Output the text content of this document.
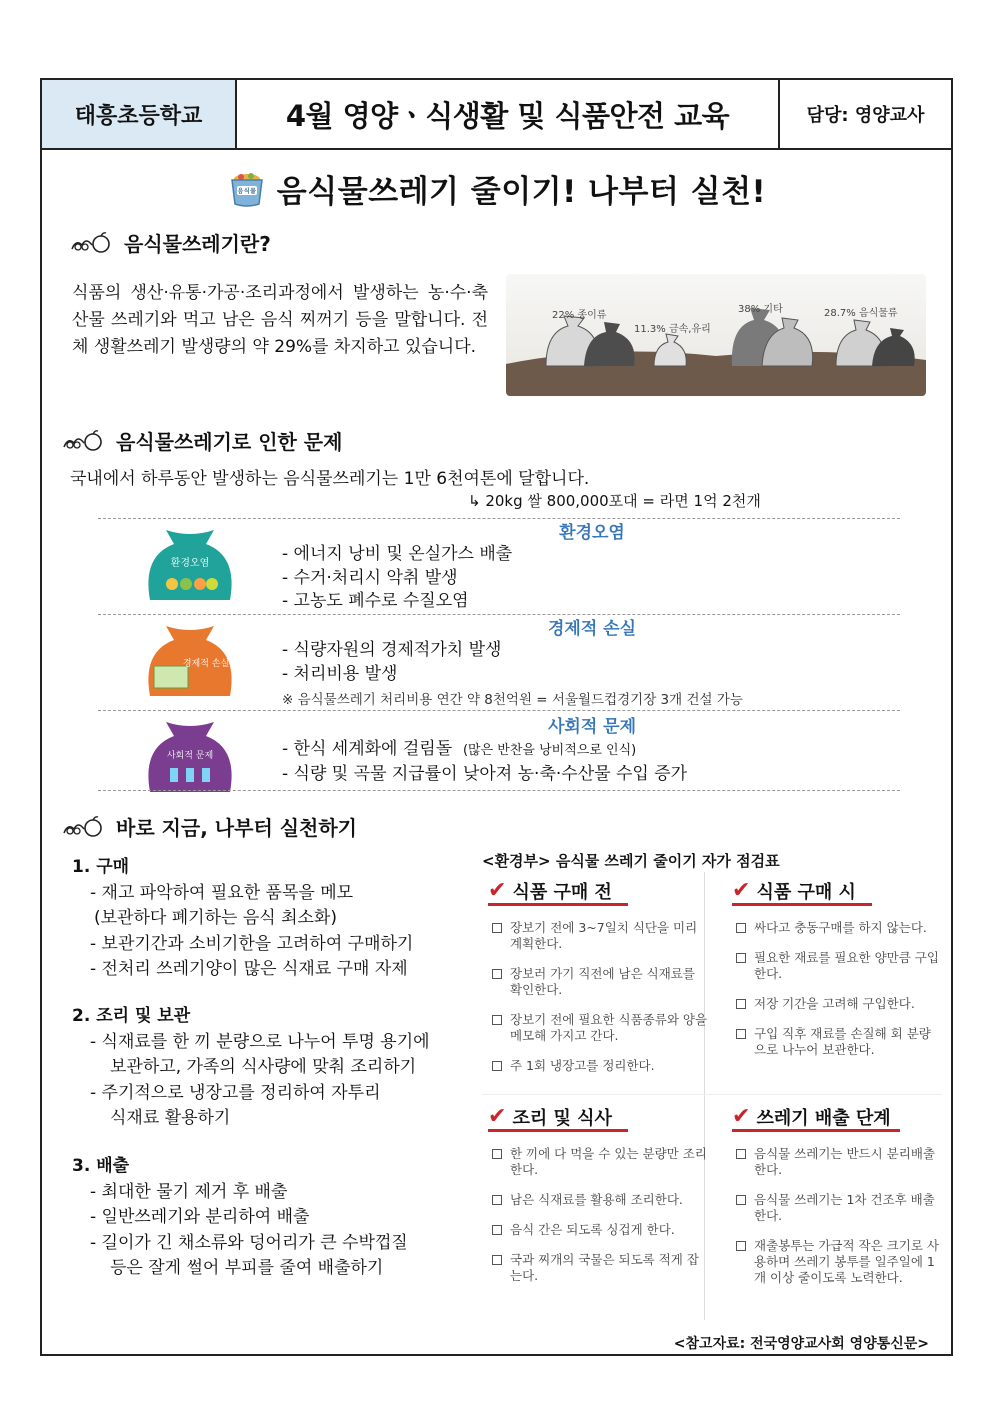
태흥초등학교	4월 영양ㆍ식생활 및 식품안전 교육	담당: 영양교사
음식물 음식물쓰레기 줄이기! 나부터 실천!
음식물쓰레기란?

식품의 생산·유통·가공·조리과정에서 발생하는 농·수·축산물 쓰레기와 먹고 남은 음식 찌꺼기 등을 말합니다. 전체 생활쓰레기 발생량의 약 29%를 차지하고 있습니다.

22% 종이류
11.3% 금속,유리
38% 기타	28.7% 음식물류
음식물쓰레기로 인한 문제
국내에서 하루동안 발생하는 음식물쓰레기는 1만 6천여톤에 달합니다.
↳ 20kg 쌀 800,000포대 = 라면 1억 2천개
환경오염
환경오염	- 에너지 낭비 및 온실가스 배출
- 수거·처리시 악취 발생
- 고농도 폐수로 수질오염
경제적 손실
경제적 손실
- 식량자원의 경제적가치 발생
- 처리비용 발생
※ 음식물쓰레기 처리비용 연간 약 8천억원 = 서울월드컵경기장 3개 건설 가능
사회적 문제
사회적 문제	- 한식 세계화에 걸림돌 (많은 반찬을 낭비적으로 인식)
- 식량 및 곡물 지급률이 낮아져 농·축·수산물 수입 증가
바로 지금, 나부터 실천하기
1. 구매
- 재고 파악하여 필요한 품목을 메모
(보관하다 폐기하는 음식 최소화)
- 보관기간과 소비기한을 고려하여 구매하기
- 전처리 쓰레기양이 많은 식재료 구매 자제
2. 조리 및 보관
- 식재료를 한 끼 분량으로 나누어 투명 용기에
보관하고, 가족의 식사량에 맞춰 조리하기
- 주기적으로 냉장고를 정리하여 자투리
식재료 활용하기
3. 배출
- 최대한 물기 제거 후 배출
- 일반쓰레기와 분리하여 배출
- 길이가 긴 채소류와 덩어리가 큰 수박껍질
등은 잘게 썰어 부피를 줄여 배출하기
<환경부> 음식물 쓰레기 줄이기 자가 점검표
✔ 식품 구매 전
장보기 전에 3~7일치 식단을 미리 계획한다.
장보러 가기 직전에 남은 식재료를 확인한다.
장보기 전에 필요한 식품종류와 양을 메모해 가지고 간다.
주 1회 냉장고를 정리한다.
✔ 식품 구매 시
싸다고 충동구매를 하지 않는다.
필요한 재료를 필요한 양만큼 구입한다.
저장 기간을 고려해 구입한다.
구입 직후 재료를 손질해 회 분량으로 나누어 보관한다.
✔ 조리 및 식사
한 끼에 다 먹을 수 있는 분량만 조리한다.
남은 식재료를 활용해 조리한다.
음식 간은 되도록 싱겁게 한다.
국과 찌개의 국물은 되도록 적게 잡는다.
✔ 쓰레기 배출 단계
음식물 쓰레기는 반드시 분리배출 한다.
음식물 쓰레기는 1차 건조후 배출한다.
재출봉투는 가급적 작은 크기로 사용하며 쓰레기 봉투를 일주일에 1개 이상 줄이도록 노력한다.
<참고자료: 전국영양교사회 영양통신문>
